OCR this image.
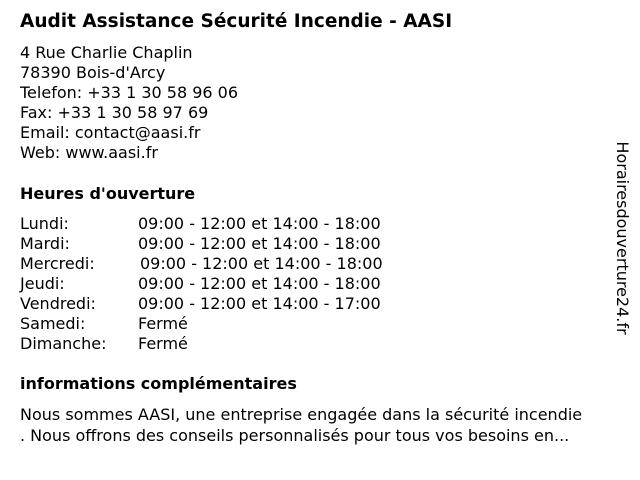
Audit Assistance Sécurité Incendie - AASI
4 Rue Charlie Chaplin
78390 Bois-d'Arcy
Telefon: +33 1 30 58 96 06
Fax: +33 1 30 58 97 69
Email: contact@aasi.fr
Web: www.aasi.fr
Heures d'ouverture
Lundi:	09:00 - 12:00 et 14:00 - 18:00
Mardi:	09:00 - 12:00 et 14:00 - 18:00
Mercredi:	09:00 - 12:00 et 14:00 - 18:00
Jeudi:	09:00 - 12:00 et 14:00 - 18:00
Vendredi:	09:00 - 12:00 et 14:00 - 17:00
Samedi:	Fermé
Dimanche: Fermé
informations complémentaires
Nous sommes AASI, une entreprise engagée dans la sécurité incendie
. Nous offrons des conseils personnalisés pour tous vos besoins en...
Horairesdouverture24.fr
